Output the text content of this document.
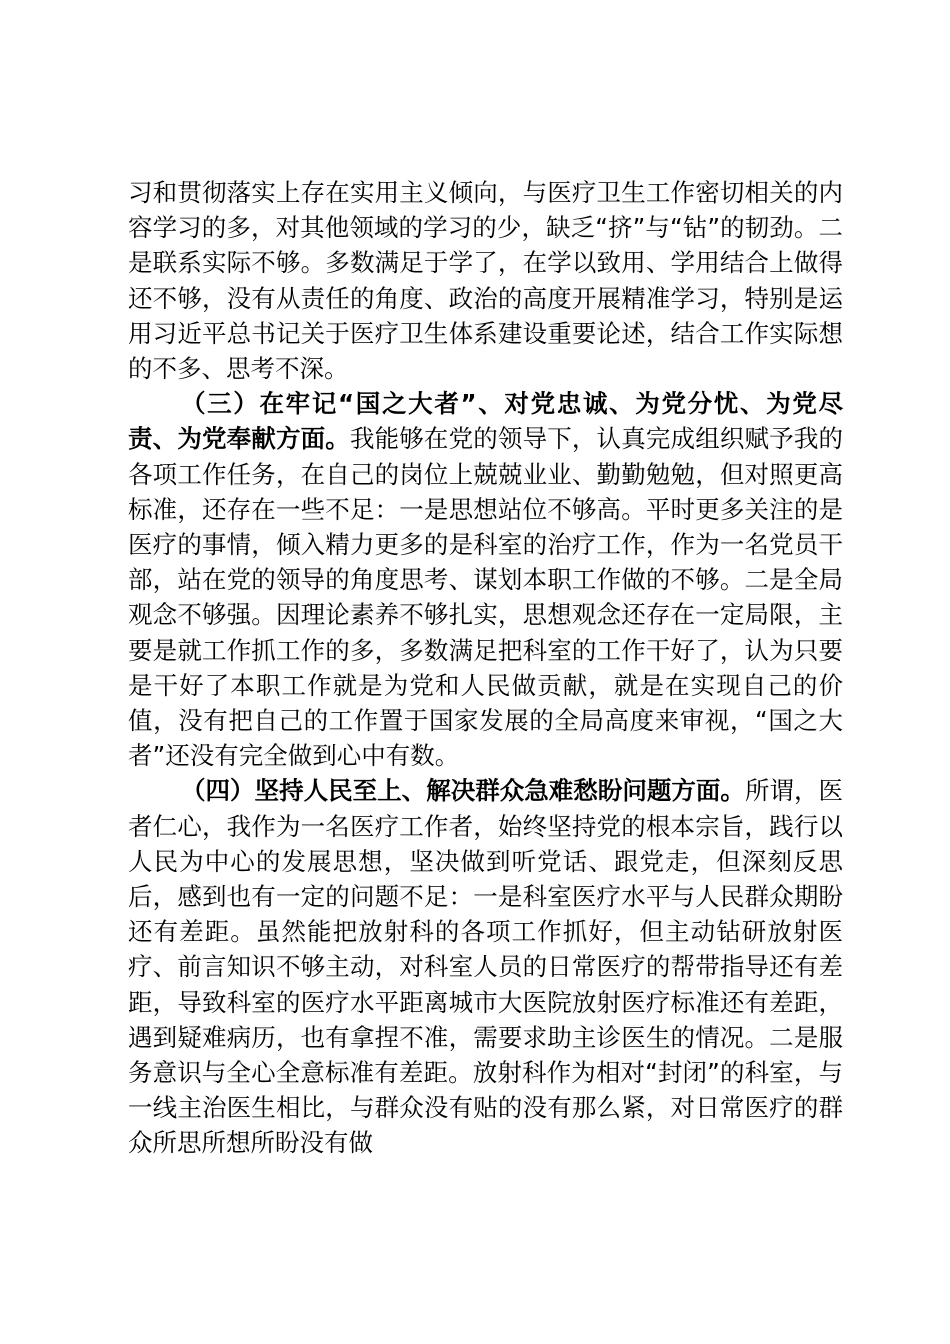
习和贯彻落实上存在实用主义倾向，与医疗卫生工作密切相关的内容学习的多，对其他领域的学习的少，缺乏“挤”与“钻”的韧劲。二是联系实际不够。多数满足于学了，在学以致用、学用结合上做得还不够，没有从责任的角度、政治的高度开展精准学习，特别是运用习近平总书记关于医疗卫生体系建设重要论述，结合工作实际想的不多、思考不深。

（三）在牢记“国之大者”、对党忠诚、为党分忧、为党尽责、为党奉献方面。我能够在党的领导下，认真完成组织赋予我的各项工作任务，在自己的岗位上兢兢业业、勤勤勉勉，但对照更高标准，还存在一些不足：一是思想站位不够高。平时更多关注的是医疗的事情，倾入精力更多的是科室的治疗工作，作为一名党员干部，站在党的领导的角度思考、谋划本职工作做的不够。二是全局观念不够强。因理论素养不够扎实，思想观念还存在一定局限，主要是就工作抓工作的多，多数满足把科室的工作干好了，认为只要是干好了本职工作就是为党和人民做贡献，就是在实现自己的价值，没有把自己的工作置于国家发展的全局高度来审视，“国之大者”还没有完全做到心中有数。

（四）坚持人民至上、解决群众急难愁盼问题方面。所谓，医者仁心，我作为一名医疗工作者，始终坚持党的根本宗旨，践行以人民为中心的发展思想，坚决做到听党话、跟党走，但深刻反思后，感到也有一定的问题不足：一是科室医疗水平与人民群众期盼还有差距。虽然能把放射科的各项工作抓好，但主动钻研放射医疗、前言知识不够主动，对科室人员的日常医疗的帮带指导还有差距，导致科室的医疗水平距离城市大医院放射医疗标准还有差距，遇到疑难病历，也有拿捏不准，需要求助主诊医生的情况。二是服务意识与全心全意标准有差距。放射科作为相对“封闭”的科室，与一线主治医生相比，与群众没有贴的没有那么紧，对日常医疗的群众所思所想所盼没有做
